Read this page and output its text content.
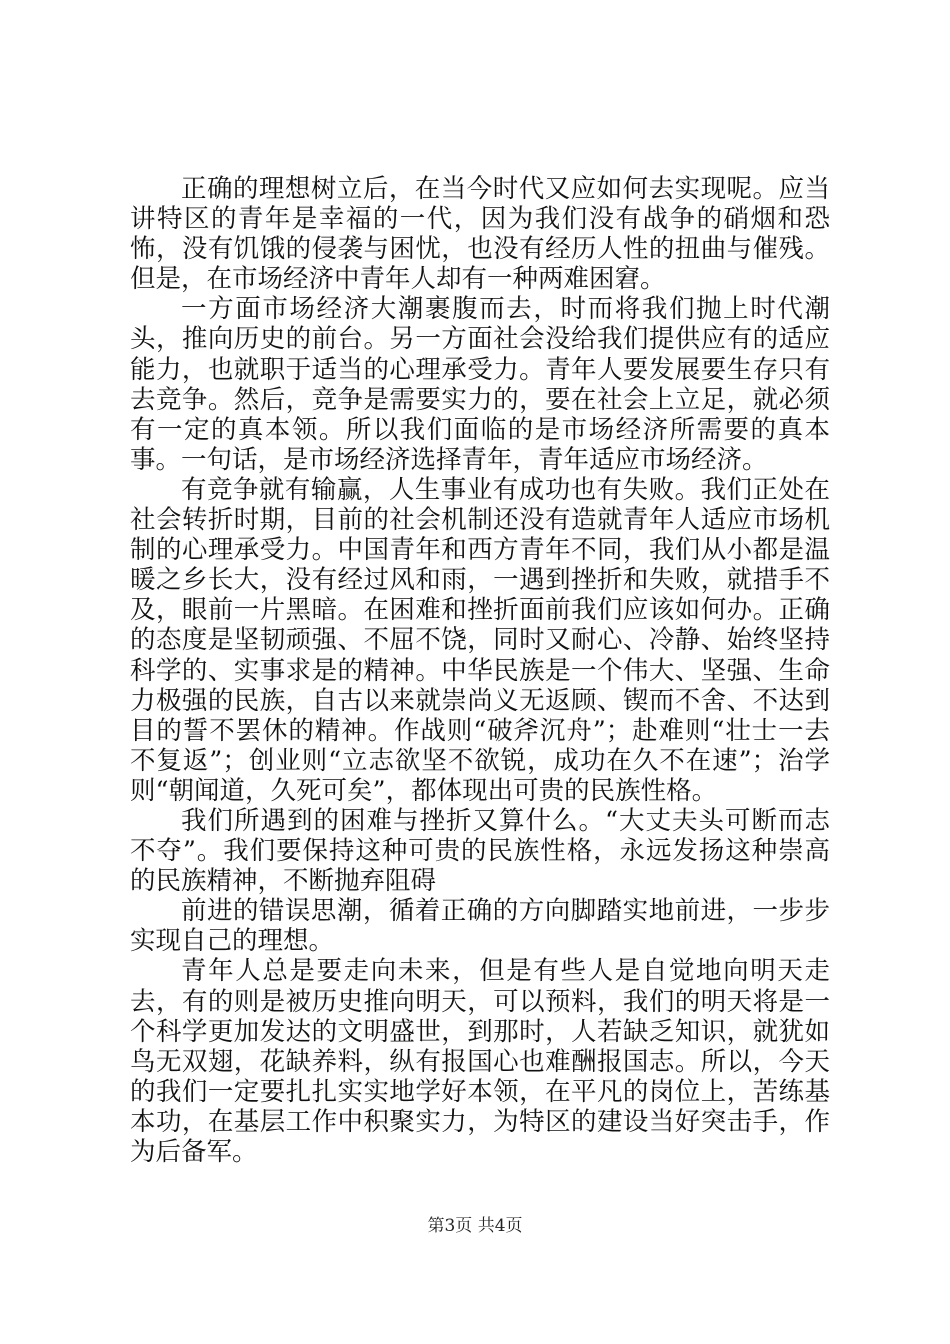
正确的理想树立后，在当今时代又应如何去实现呢。应当讲特区的青年是幸福的一代，因为我们没有战争的硝烟和恐怖，没有饥饿的侵袭与困忧，也没有经历人性的扭曲与催残。但是，在市场经济中青年人却有一种两难困窘。

一方面市场经济大潮裹腹而去，时而将我们抛上时代潮头，推向历史的前台。另一方面社会没给我们提供应有的适应能力，也就职于适当的心理承受力。青年人要发展要生存只有去竞争。然后，竞争是需要实力的，要在社会上立足，就必须有一定的真本领。所以我们面临的是市场经济所需要的真本事。一句话，是市场经济选择青年，青年适应市场经济。

有竞争就有输赢，人生事业有成功也有失败。我们正处在社会转折时期，目前的社会机制还没有造就青年人适应市场机制的心理承受力。中国青年和西方青年不同，我们从小都是温暖之乡长大，没有经过风和雨，一遇到挫折和失败，就措手不及，眼前一片黑暗。在困难和挫折面前我们应该如何办。正确的态度是坚韧顽强、不屈不饶，同时又耐心、冷静、始终坚持科学的、实事求是的精神。中华民族是一个伟大、坚强、生命力极强的民族，自古以来就崇尚义无返顾、锲而不舍、不达到目的誓不罢休的精神。作战则“破斧沉舟”；赴难则“壮士一去不复返”；创业则“立志欲坚不欲锐，成功在久不在速”；治学则“朝闻道，久死可矣”，都体现出可贵的民族性格。

我们所遇到的困难与挫折又算什么。“大丈夫头可断而志不夺”。我们要保持这种可贵的民族性格，永远发扬这种崇高的民族精神，不断抛弃阻碍

前进的错误思潮，循着正确的方向脚踏实地前进，一步步实现自己的理想。

青年人总是要走向未来，但是有些人是自觉地向明天走去，有的则是被历史推向明天，可以预料，我们的明天将是一个科学更加发达的文明盛世，到那时，人若缺乏知识，就犹如鸟无双翅，花缺养料，纵有报国心也难酬报国志。所以，今天的我们一定要扎扎实实地学好本领，在平凡的岗位上，苦练基本功，在基层工作中积聚实力，为特区的建设当好突击手，作为后备军。

第3页 共4页
